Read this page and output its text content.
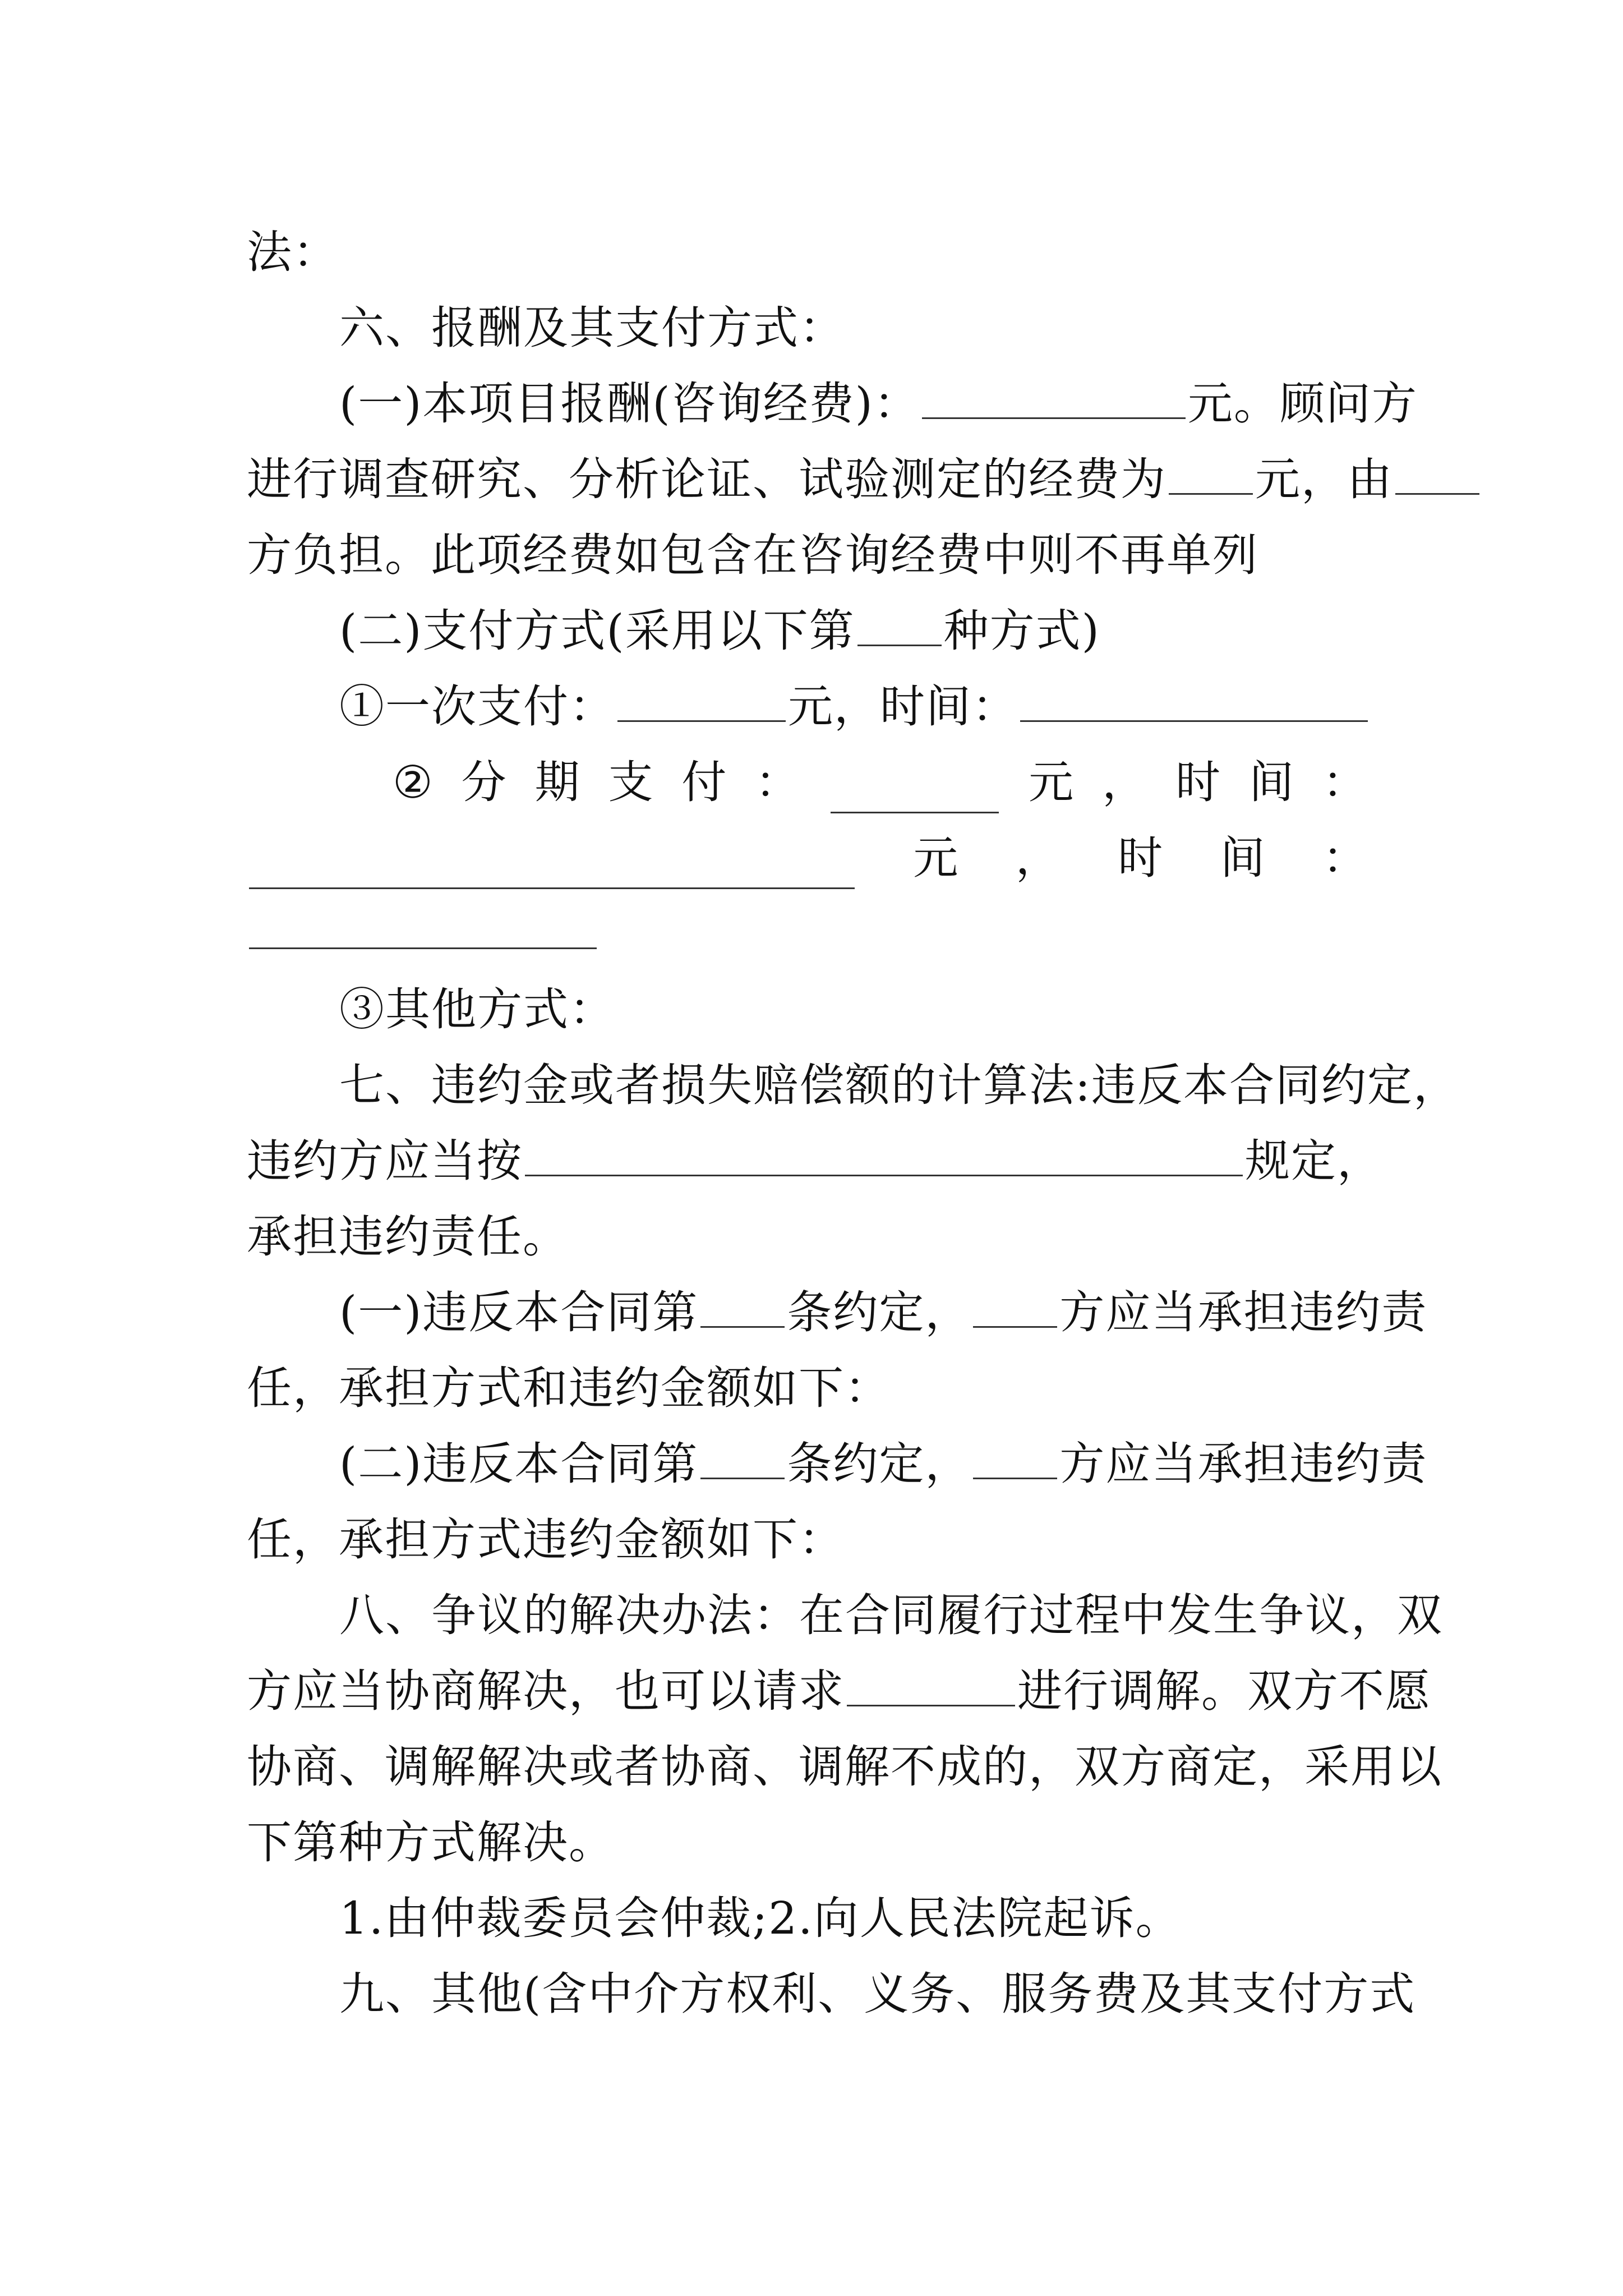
法：
六、报酬及其支付方式：
(一)本项目报酬(咨询经费)：	元。顾问方
进行调查研究、分析论证、试验测定的经费为 元，由
方负担。此项经费如包含在咨询经费中则不再单列
(二)支付方式(采用以下第 种方式)
①一次支付：	元，时间：
② 分 期 支 付 ：	元 ， 时 间 ：
元 ， 时 间 ：
③其他方式：
七、违约金或者损失赔偿额的计算法:违反本合同约定，
违约方应当按	规定，
承担违约责任。
(一)违反本合同第 条约定， 方应当承担违约责
任，承担方式和违约金额如下：
(二)违反本合同第 条约定， 方应当承担违约责
任，承担方式违约金额如下：
八、争议的解决办法：在合同履行过程中发生争议，双
方应当协商解决，也可以请求	进行调解。双方不愿
协商、调解解决或者协商、调解不成的，双方商定，采用以
下第种方式解决。
1.由仲裁委员会仲裁;2.向人民法院起诉。
九、其他(含中介方权利、义务、服务费及其支付方式
